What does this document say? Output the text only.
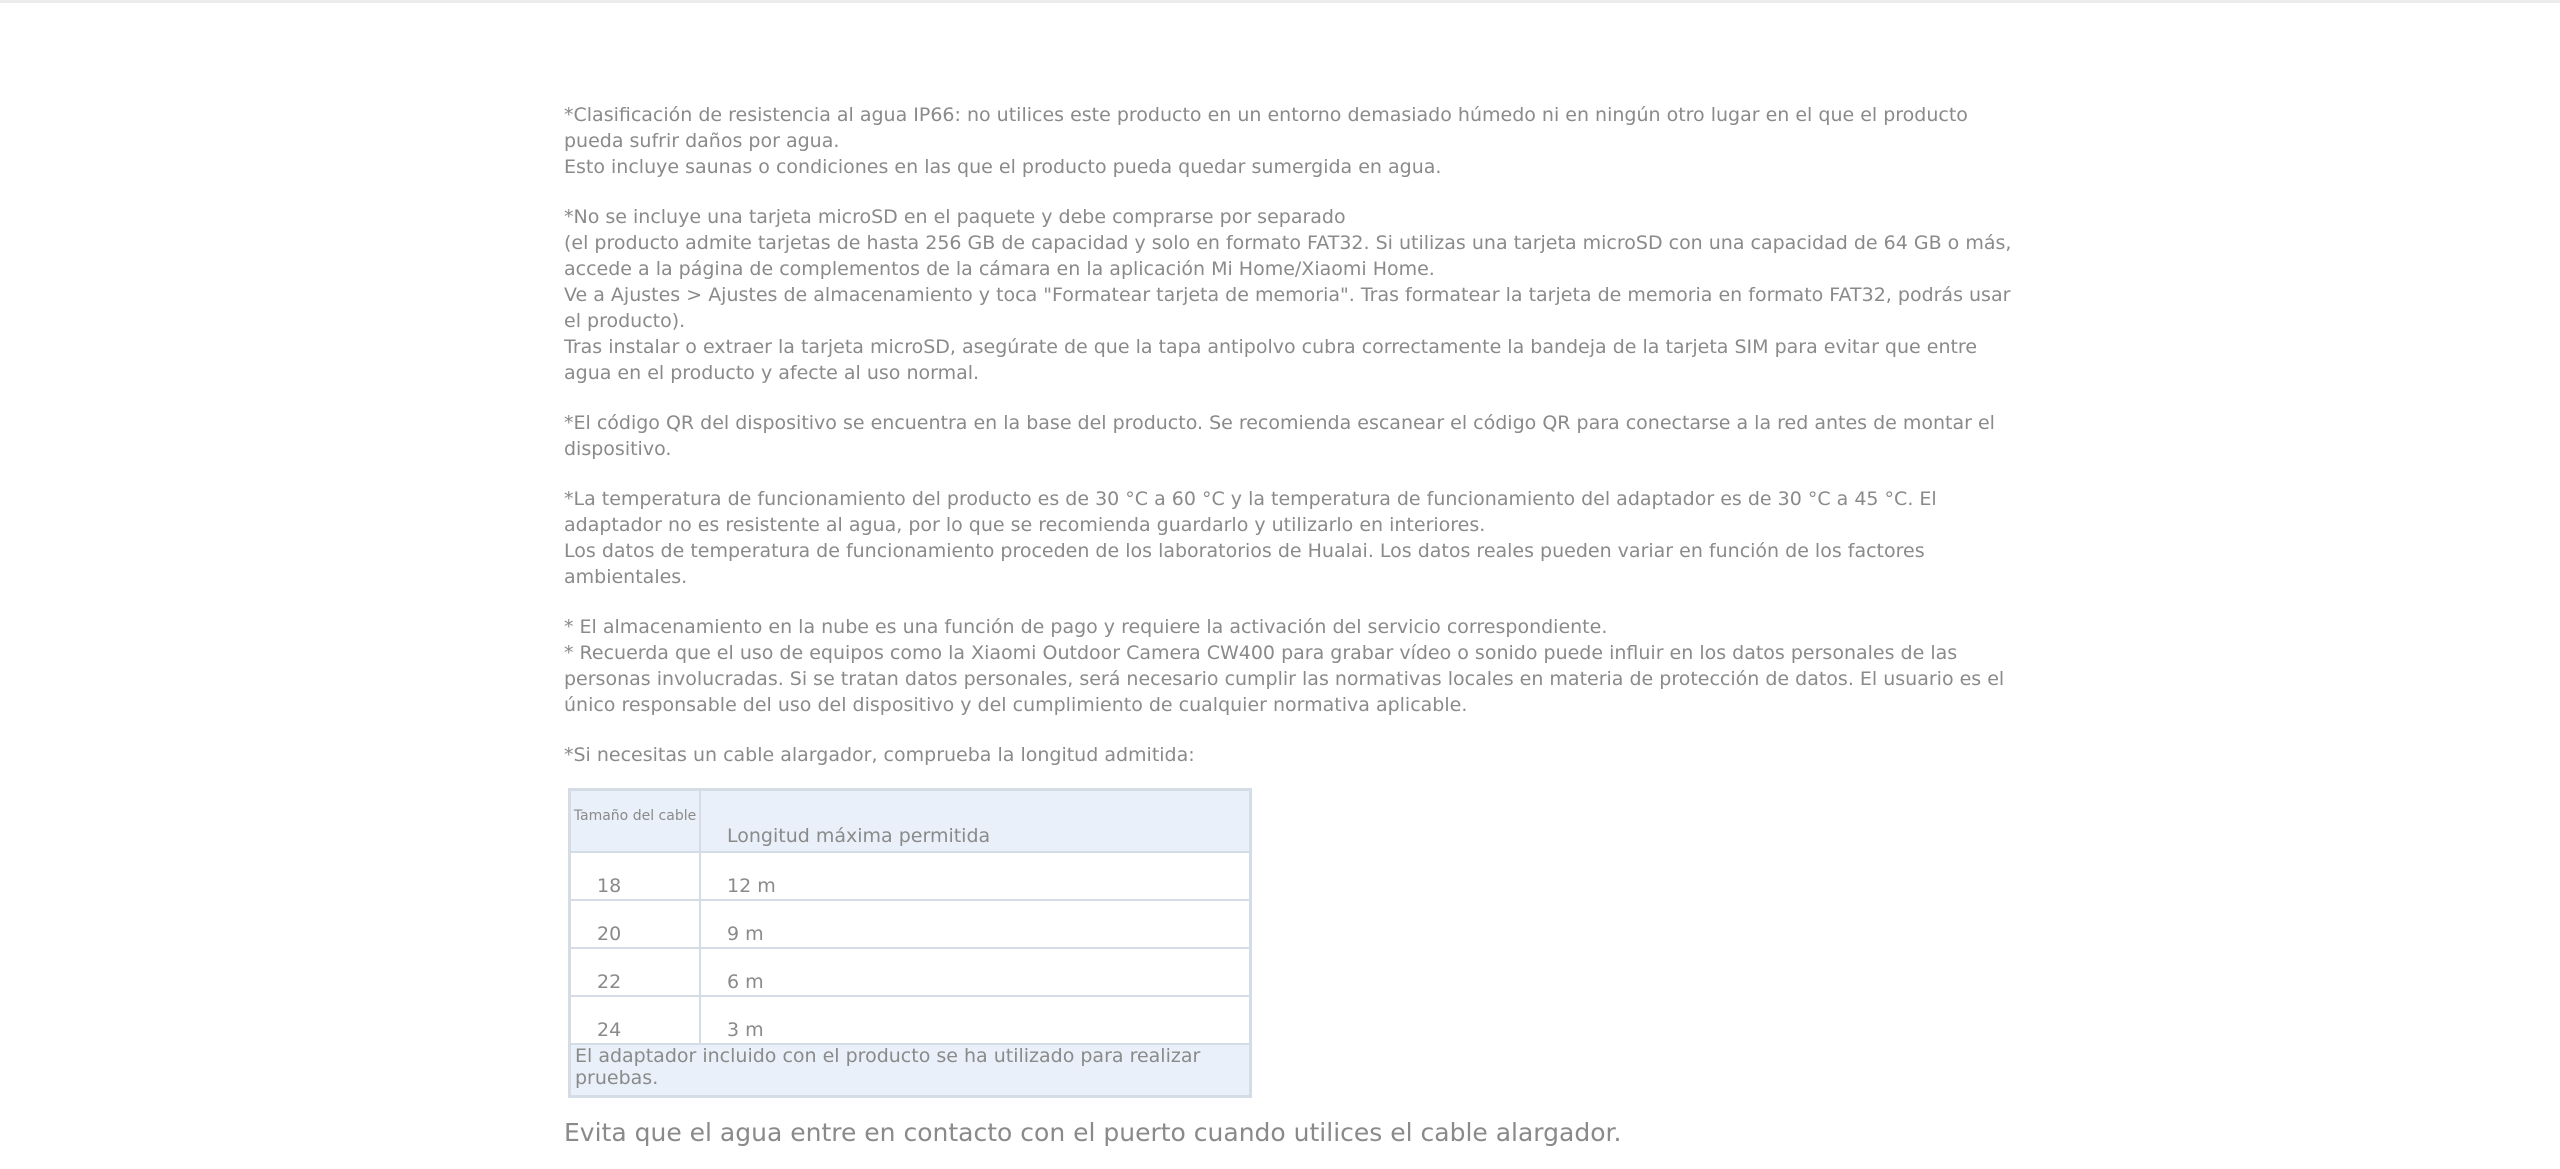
*Clasificación de resistencia al agua IP66: no utilices este producto en un entorno demasiado húmedo ni en ningún otro lugar en el que el producto pueda sufrir daños por agua.

Esto incluye saunas o condiciones en las que el producto pueda quedar sumergida en agua.

*No se incluye una tarjeta microSD en el paquete y debe comprarse por separado

(el producto admite tarjetas de hasta 256 GB de capacidad y solo en formato FAT32. Si utilizas una tarjeta microSD con una capacidad de 64 GB o más, accede a la página de complementos de la cámara en la aplicación Mi Home/Xiaomi Home.

Ve a Ajustes > Ajustes de almacenamiento y toca "Formatear tarjeta de memoria". Tras formatear la tarjeta de memoria en formato FAT32, podrás usar el producto).

Tras instalar o extraer la tarjeta microSD, asegúrate de que la tapa antipolvo cubra correctamente la bandeja de la tarjeta SIM para evitar que entre agua en el producto y afecte al uso normal.

*El código QR del dispositivo se encuentra en la base del producto. Se recomienda escanear el código QR para conectarse a la red antes de montar el dispositivo.

*La temperatura de funcionamiento del producto es de 30 °C a 60 °C y la temperatura de funcionamiento del adaptador es de 30 °C a 45 °C. El adaptador no es resistente al agua, por lo que se recomienda guardarlo y utilizarlo en interiores.

Los datos de temperatura de funcionamiento proceden de los laboratorios de Hualai. Los datos reales pueden variar en función de los factores ambientales.

* El almacenamiento en la nube es una función de pago y requiere la activación del servicio correspondiente.

* Recuerda que el uso de equipos como la Xiaomi Outdoor Camera CW400 para grabar vídeo o sonido puede influir en los datos personales de las personas involucradas. Si se tratan datos personales, será necesario cumplir las normativas locales en materia de protección de datos. El usuario es el único responsable del uso del dispositivo y del cumplimiento de cualquier normativa aplicable.

*Si necesitas un cable alargador, comprueba la longitud admitida:

Tamaño del cable	Longitud máxima permitida
18	12 m
20	9 m
22	6 m
24	3 m
El adaptador incluido con el producto se ha utilizado para realizar pruebas.	
Evita que el agua entre en contacto con el puerto cuando utilices el cable alargador.
